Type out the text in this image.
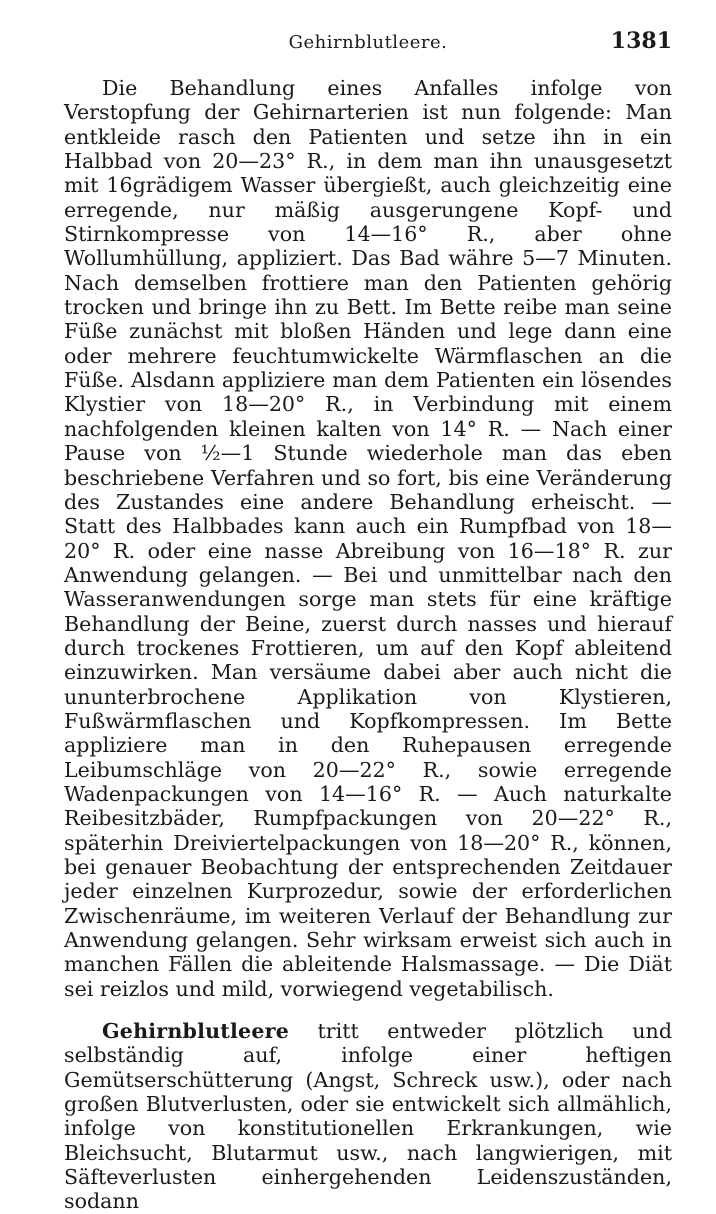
Gehirnblutleere.	1381

Die Behandlung eines Anfalles infolge von Verstopfung der Gehirnarterien ist nun folgende: Man entkleide rasch den Patienten und setze ihn in ein Halbbad von 20—23° R., in dem man ihn unausgesetzt mit 16grädigem Wasser übergießt, auch gleichzeitig eine erregende, nur mäßig ausgerungene Kopf- und Stirnkompresse von 14—16° R., aber ohne Wollumhüllung, appliziert. Das Bad währe 5—7 Minuten. Nach demselben frottiere man den Patienten gehörig trocken und bringe ihn zu Bett. Im Bette reibe man seine Füße zunächst mit bloßen Händen und lege dann eine oder mehrere feuchtumwickelte Wärmflaschen an die Füße. Alsdann appliziere man dem Patienten ein lösendes Klystier von 18—20° R., in Verbindung mit einem nachfolgenden kleinen kalten von 14° R. — Nach einer Pause von ½—1 Stunde wiederhole man das eben beschriebene Verfahren und so fort, bis eine Veränderung des Zustandes eine andere Behandlung erheischt. — Statt des Halbbades kann auch ein Rumpfbad von 18—20° R. oder eine nasse Abreibung von 16—18° R. zur Anwendung gelangen. — Bei und unmittelbar nach den Wasseranwendungen sorge man stets für eine kräftige Behandlung der Beine, zuerst durch nasses und hierauf durch trockenes Frottieren, um auf den Kopf ableitend einzuwirken. Man versäume dabei aber auch nicht die ununterbrochene Applikation von Klystieren, Fußwärmflaschen und Kopfkompressen. Im Bette appliziere man in den Ruhepausen erregende Leibumschläge von 20—22° R., sowie erregende Wadenpackungen von 14—16° R. — Auch naturkalte Reibesitzbäder, Rumpfpackungen von 20—22° R., späterhin Dreiviertelpackungen von 18—20° R., können, bei genauer Beobachtung der entsprechenden Zeitdauer jeder einzelnen Kurprozedur, sowie der erforderlichen Zwischenräume, im weiteren Verlauf der Behandlung zur Anwendung gelangen. Sehr wirksam erweist sich auch in manchen Fällen die ableitende Halsmassage. — Die Diät sei reizlos und mild, vorwiegend vegetabilisch.

Gehirnblutleere tritt entweder plötzlich und selbständig auf, infolge einer heftigen Gemütserschütterung (Angst, Schreck usw.), oder nach großen Blutverlusten, oder sie entwickelt sich allmählich, infolge von konstitutionellen Erkrankungen, wie Bleichsucht, Blutarmut usw., nach langwierigen, mit Säfteverlusten einhergehenden Leidenszuständen, sodann
